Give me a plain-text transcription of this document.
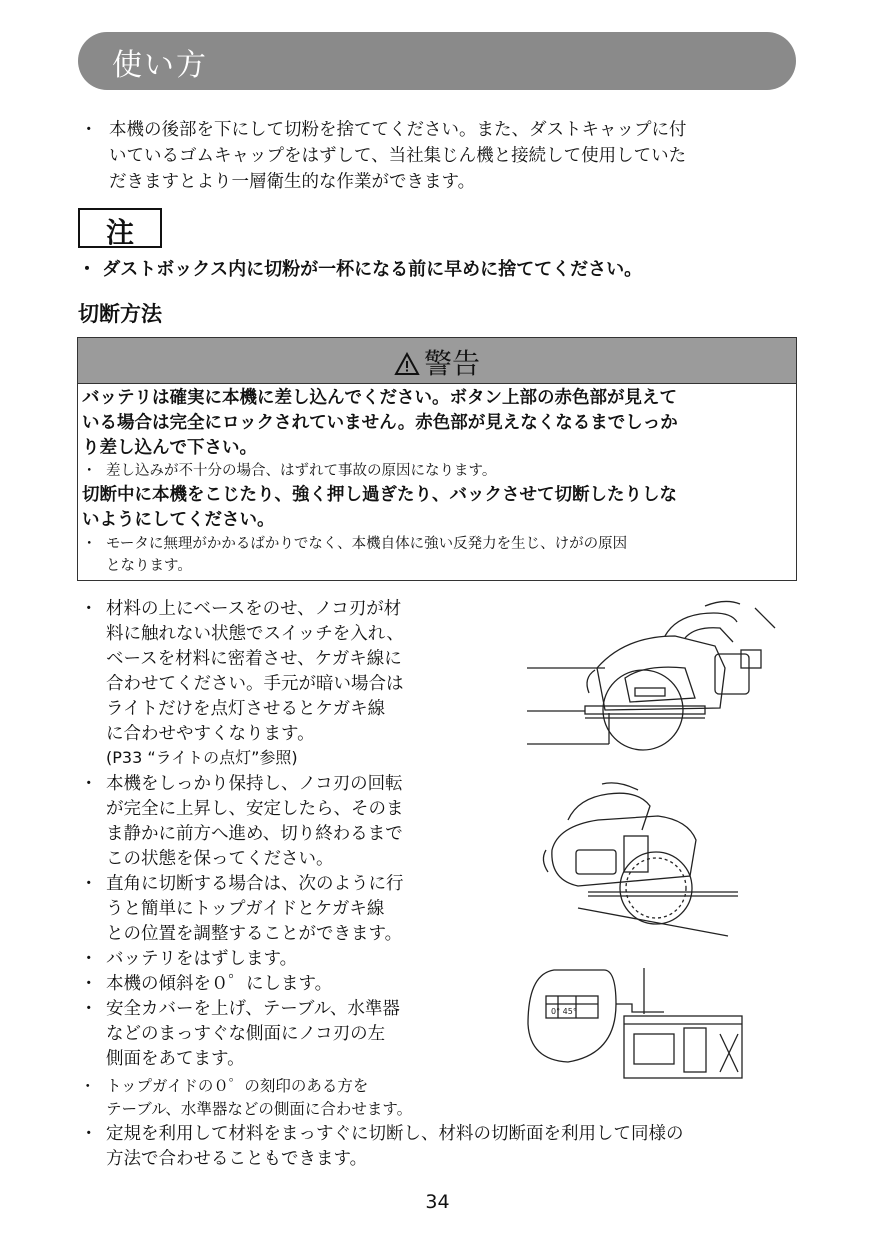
使い方
・ 本機の後部を下にして切粉を捨ててください。また、ダストキャップに付
いているゴムキャップをはずして、当社集じん機と接続して使用していた
だきますとより一層衛生的な作業ができます。
注
・ ダストボックス内に切粉が一杯になる前に早めに捨ててください。
切断方法
警告
バッテリは確実に本機に差し込んでください。ボタン上部の赤色部が見えて
いる場合は完全にロックされていません。赤色部が見えなくなるまでしっか
り差し込んで下さい。
・ 差し込みが不十分の場合、はずれて事故の原因になります。
切断中に本機をこじたり、強く押し過ぎたり、バックさせて切断したりしな
いようにしてください。
・ モータに無理がかかるばかりでなく、本機自体に強い反発力を生じ、けがの原因
となります。
・ 材料の上にベースをのせ、ノコ刃が材
料に触れない状態でスイッチを入れ、
ベースを材料に密着させ、ケガキ線に
合わせてください。手元が暗い場合は
ライトだけを点灯させるとケガキ線
に合わせやすくなります。
(P33 “ライトの点灯”参照)
・ 本機をしっかり保持し、ノコ刃の回転
が完全に上昇し、安定したら、そのま
ま静かに前方へ進め、切り終わるまで
この状態を保ってください。
・ 直角に切断する場合は、次のように行
うと簡単にトップガイドとケガキ線
との位置を調整することができます。
・ バッテリをはずします。
・ 本機の傾斜を０゜にします。
・ 安全カバーを上げ、テーブル、水準器
などのまっすぐな側面にノコ刃の左
側面をあてます。
・ トップガイドの０゜の刻印のある方を
テーブル、水準器などの側面に合わせます。
・ 定規を利用して材料をまっすぐに切断し、材料の切断面を利用して同様の
方法で合わせることもできます。
0° 45°
34
